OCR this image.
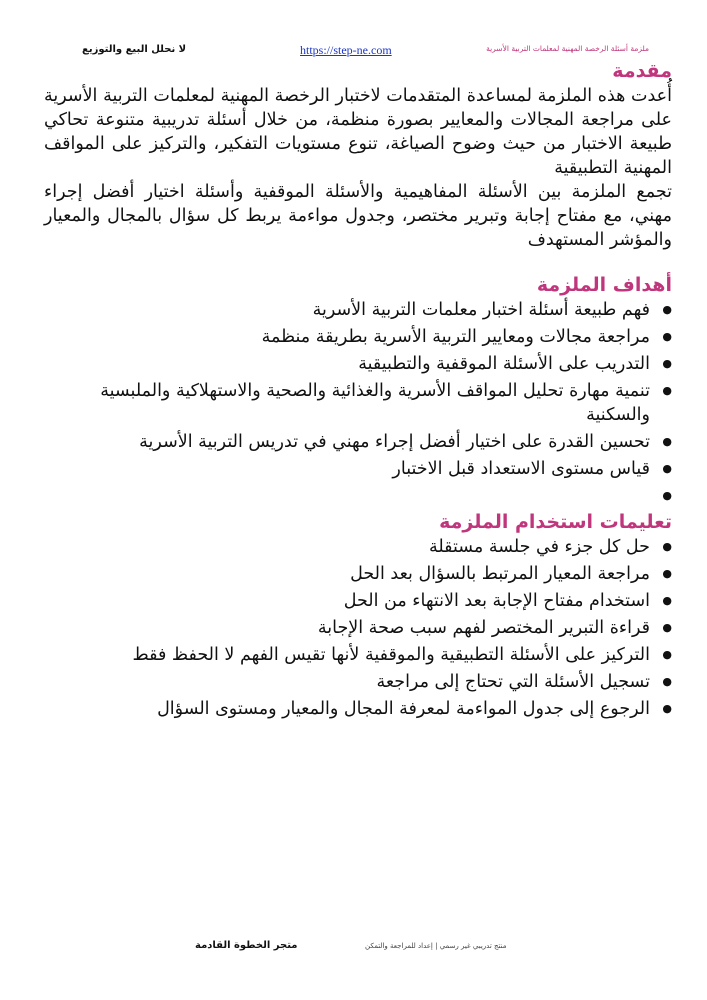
لا نحلل البيع والتوزيع	https://step-ne.com	ملزمة أسئلة الرخصة المهنية لمعلمات التربية الأسرية
مقدمة

أُعدت هذه الملزمة لمساعدة المتقدمات لاختبار الرخصة المهنية لمعلمات التربية الأسرية على مراجعة المجالات والمعايير بصورة منظمة، من خلال أسئلة تدريبية متنوعة تحاكي طبيعة الاختبار من حيث وضوح الصياغة، تنوع مستويات التفكير، والتركيز على المواقف المهنية التطبيقية

تجمع الملزمة بين الأسئلة المفاهيمية والأسئلة الموقفية وأسئلة اختيار أفضل إجراء مهني، مع مفتاح إجابة وتبرير مختصر، وجدول مواءمة يربط كل سؤال بالمجال والمعيار والمؤشر المستهدف

أهداف الملزمة
● فهم طبيعة أسئلة اختبار معلمات التربية الأسرية
● مراجعة مجالات ومعايير التربية الأسرية بطريقة منظمة
● التدريب على الأسئلة الموقفية والتطبيقية
● تنمية مهارة تحليل المواقف الأسرية والغذائية والصحية والاستهلاكية والملبسية والسكنية
● تحسين القدرة على اختيار أفضل إجراء مهني في تدريس التربية الأسرية
● قياس مستوى الاستعداد قبل الاختبار
●
تعليمات استخدام الملزمة
● حل كل جزء في جلسة مستقلة
● مراجعة المعيار المرتبط بالسؤال بعد الحل
● استخدام مفتاح الإجابة بعد الانتهاء من الحل
● قراءة التبرير المختصر لفهم سبب صحة الإجابة
● التركيز على الأسئلة التطبيقية والموقفية لأنها تقيس الفهم لا الحفظ فقط
● تسجيل الأسئلة التي تحتاج إلى مراجعة
● الرجوع إلى جدول المواءمة لمعرفة المجال والمعيار ومستوى السؤال
متجر الخطوة القادمة	منتج تدريبي غير رسمي | إعداد للمراجعة والتمكن
